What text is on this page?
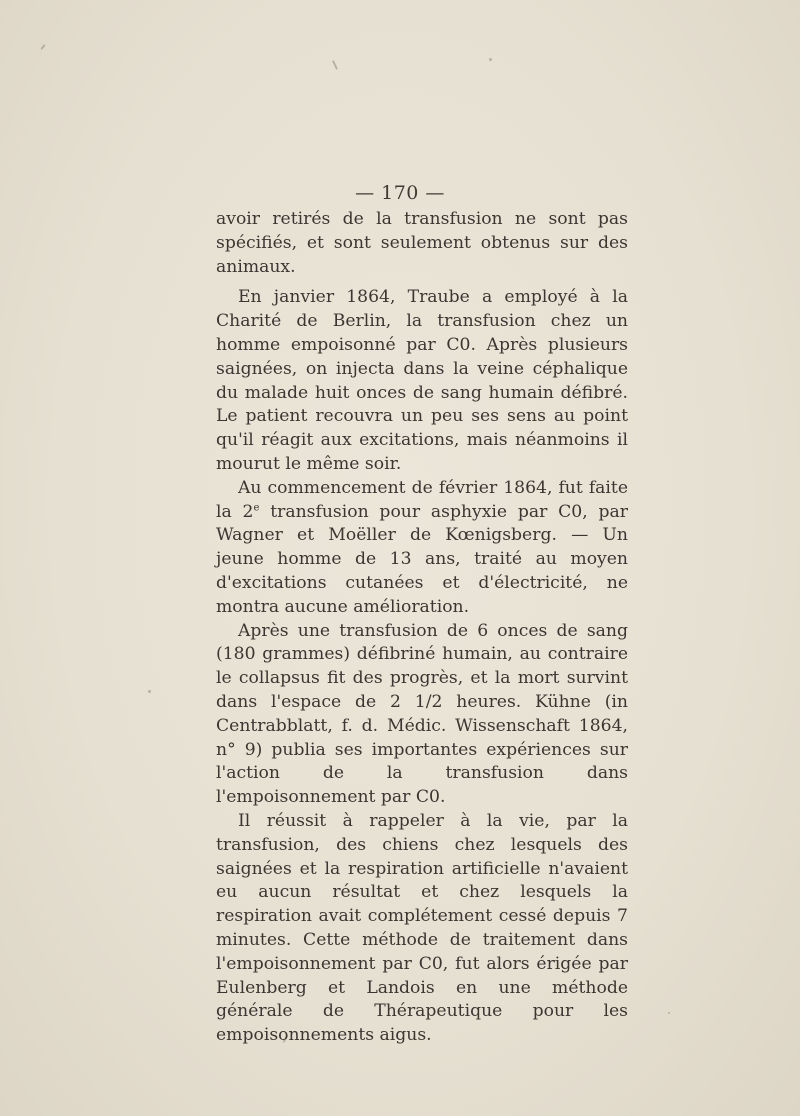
— 170 —

avoir retirés de la transfusion ne sont pas spécifiés, et sont seulement obtenus sur des animaux.

En janvier 1864, Traube a employé à la Charité de Berlin, la transfusion chez un homme empoisonné par C0. Après plusieurs saignées, on injecta dans la veine céphalique du malade huit onces de sang humain défibré. Le patient recouvra un peu ses sens au point qu'il réagit aux excitations, mais néanmoins il mourut le même soir.

Au commencement de février 1864, fut faite la 2e transfusion pour asphyxie par C0, par Wagner et Moëller de Kœnigsberg. — Un jeune homme de 13 ans, traité au moyen d'excitations cutanées et d'électricité, ne montra aucune amélioration.

Après une transfusion de 6 onces de sang (180 grammes) défibriné humain, au contraire le collapsus fit des progrès, et la mort survint dans l'espace de 2 1/2 heures. Kühne (in Centrabblatt, f. d. Médic. Wissenschaft 1864, n° 9) publia ses importantes expériences sur l'action de la transfusion dans l'empoisonnement par C0.

Il réussit à rappeler à la vie, par la transfusion, des chiens chez lesquels des saignées et la respiration artificielle n'avaient eu aucun résultat et chez lesquels la respiration avait complétement cessé depuis 7 minutes. Cette méthode de traitement dans l'empoisonnement par C0, fut alors érigée par Eulenberg et Landois en une méthode générale de Thérapeutique pour les empoisonnements aigus.
